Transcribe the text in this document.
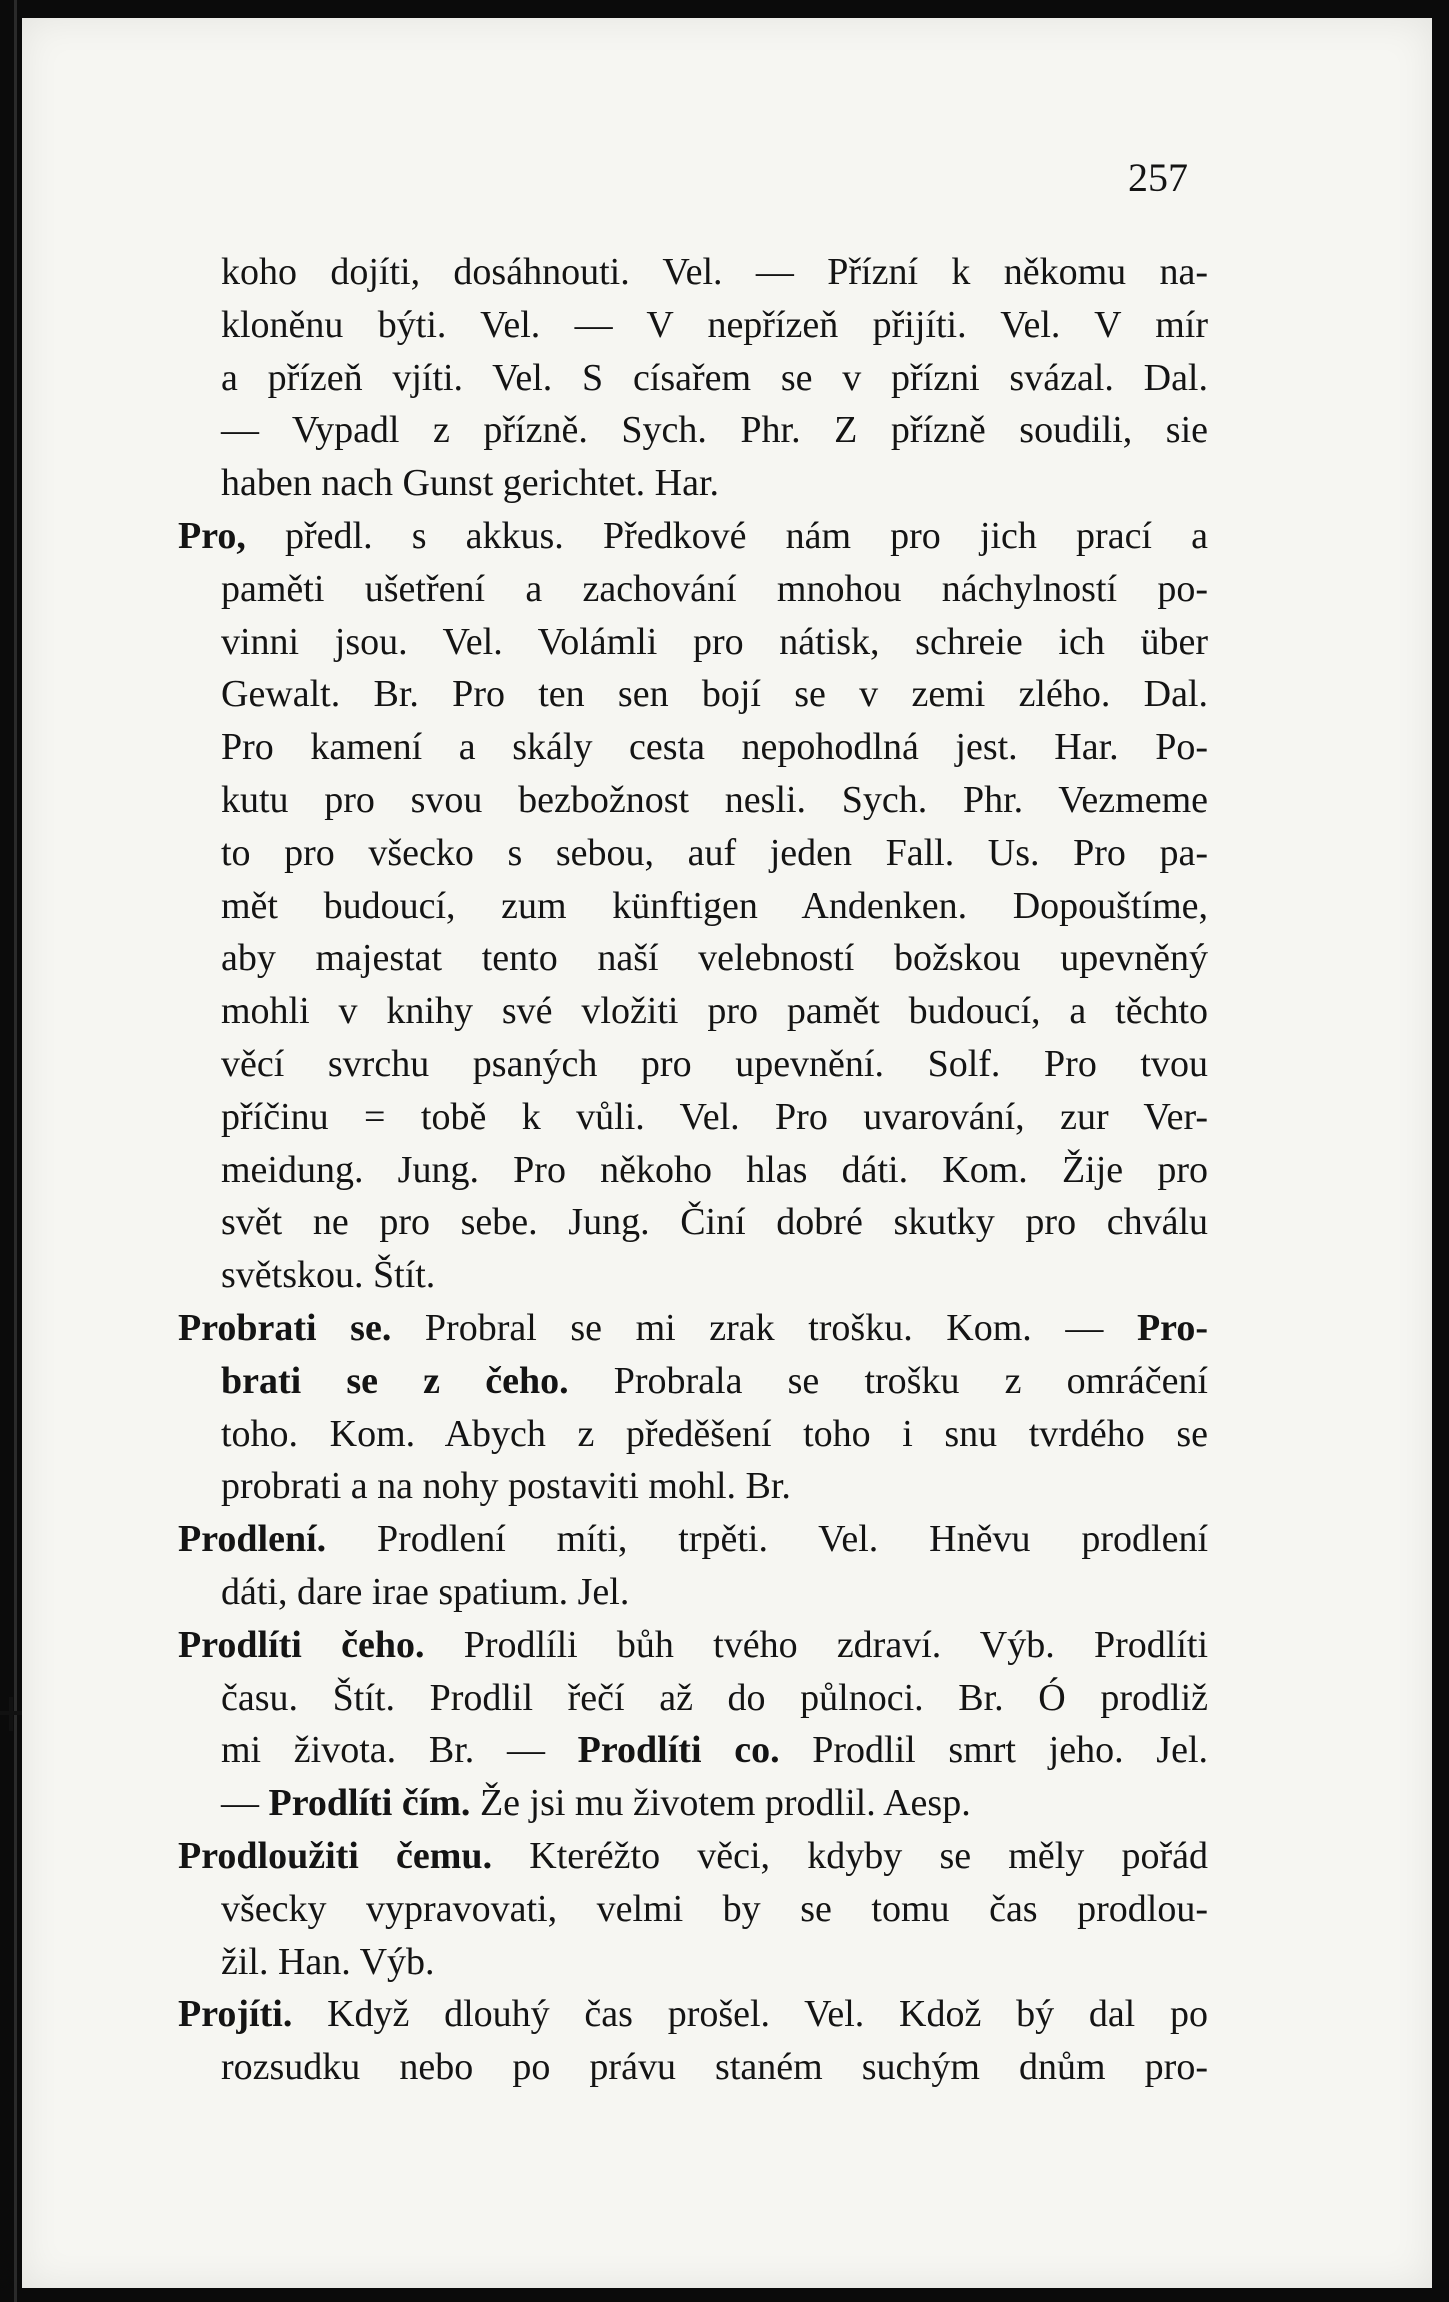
257
koho dojíti, dosáhnouti. Vel. — Přízní k někomu na-
kloněnu býti. Vel. — V nepřízeň přijíti. Vel. V mír
a přízeň vjíti. Vel. S císařem se v přízni svázal. Dal.
— Vypadl z přízně. Sych. Phr. Z přízně soudili, sie
haben nach Gunst gerichtet. Har.
Pro, předl. s akkus. Předkové nám pro jich prací a
paměti ušetření a zachování mnohou náchylností po-
vinni jsou. Vel. Volámli pro nátisk, schreie ich über
Gewalt. Br. Pro ten sen bojí se v zemi zlého. Dal.
Pro kamení a skály cesta nepohodlná jest. Har. Po-
kutu pro svou bezbožnost nesli. Sych. Phr. Vezmeme
to pro všecko s sebou, auf jeden Fall. Us. Pro pa-
mět budoucí, zum künftigen Andenken. Dopouštíme,
aby majestat tento naší velebností božskou upevněný
mohli v knihy své vložiti pro pamět budoucí, a těchto
věcí svrchu psaných pro upevnění. Solf. Pro tvou
příčinu = tobě k vůli. Vel. Pro uvarování, zur Ver-
meidung. Jung. Pro někoho hlas dáti. Kom. Žije pro
svět ne pro sebe. Jung. Činí dobré skutky pro chválu
světskou. Štít.
Probrati se. Probral se mi zrak trošku. Kom. — Pro-
brati se z čeho. Probrala se trošku z omráčení
toho. Kom. Abych z předěšení toho i snu tvrdého se
probrati a na nohy postaviti mohl. Br.
Prodlení. Prodlení míti, trpěti. Vel. Hněvu prodlení
dáti, dare irae spatium. Jel.
Prodlíti čeho. Prodlíli bůh tvého zdraví. Výb. Prodlíti
času. Štít. Prodlil řečí až do půlnoci. Br. Ó prodliž
mi života. Br. — Prodlíti co. Prodlil smrt jeho. Jel.
— Prodlíti čím. Že jsi mu životem prodlil. Aesp.
Prodloužiti čemu. Kteréžto věci, kdyby se měly pořád
všecky vypravovati, velmi by se tomu čas prodlou-
žil. Han. Výb.
Projíti. Když dlouhý čas prošel. Vel. Kdož bý dal po
rozsudku nebo po právu staném suchým dnům pro-
